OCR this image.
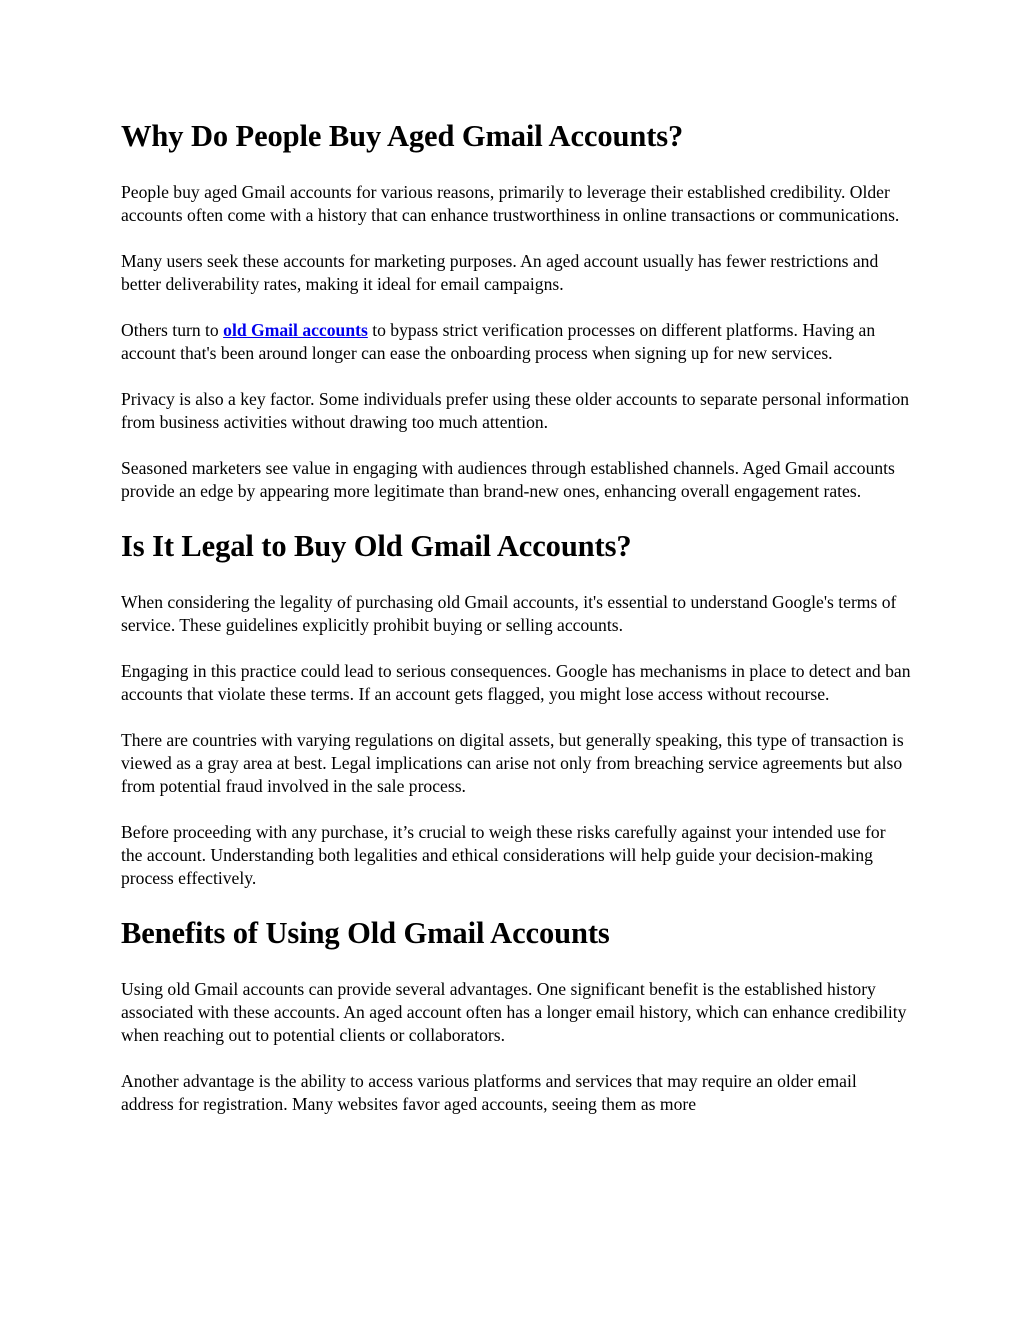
Why Do People Buy Aged Gmail Accounts?

People buy aged Gmail accounts for various reasons, primarily to leverage their established credibility. Older accounts often come with a history that can enhance trustworthiness in online transactions or communications.

Many users seek these accounts for marketing purposes. An aged account usually has fewer restrictions and better deliverability rates, making it ideal for email campaigns.

Others turn to old Gmail accounts to bypass strict verification processes on different platforms. Having an account that's been around longer can ease the onboarding process when signing up for new services.

Privacy is also a key factor. Some individuals prefer using these older accounts to separate personal information from business activities without drawing too much attention.

Seasoned marketers see value in engaging with audiences through established channels. Aged Gmail accounts provide an edge by appearing more legitimate than brand-new ones, enhancing overall engagement rates.

Is It Legal to Buy Old Gmail Accounts?

When considering the legality of purchasing old Gmail accounts, it's essential to understand Google's terms of service. These guidelines explicitly prohibit buying or selling accounts.

Engaging in this practice could lead to serious consequences. Google has mechanisms in place to detect and ban accounts that violate these terms. If an account gets flagged, you might lose access without recourse.

There are countries with varying regulations on digital assets, but generally speaking, this type of transaction is viewed as a gray area at best. Legal implications can arise not only from breaching service agreements but also from potential fraud involved in the sale process.

Before proceeding with any purchase, it’s crucial to weigh these risks carefully against your intended use for the account. Understanding both legalities and ethical considerations will help guide your decision-making process effectively.

Benefits of Using Old Gmail Accounts

Using old Gmail accounts can provide several advantages. One significant benefit is the established history associated with these accounts. An aged account often has a longer email history, which can enhance credibility when reaching out to potential clients or collaborators.

Another advantage is the ability to access various platforms and services that may require an older email address for registration. Many websites favor aged accounts, seeing them as more
